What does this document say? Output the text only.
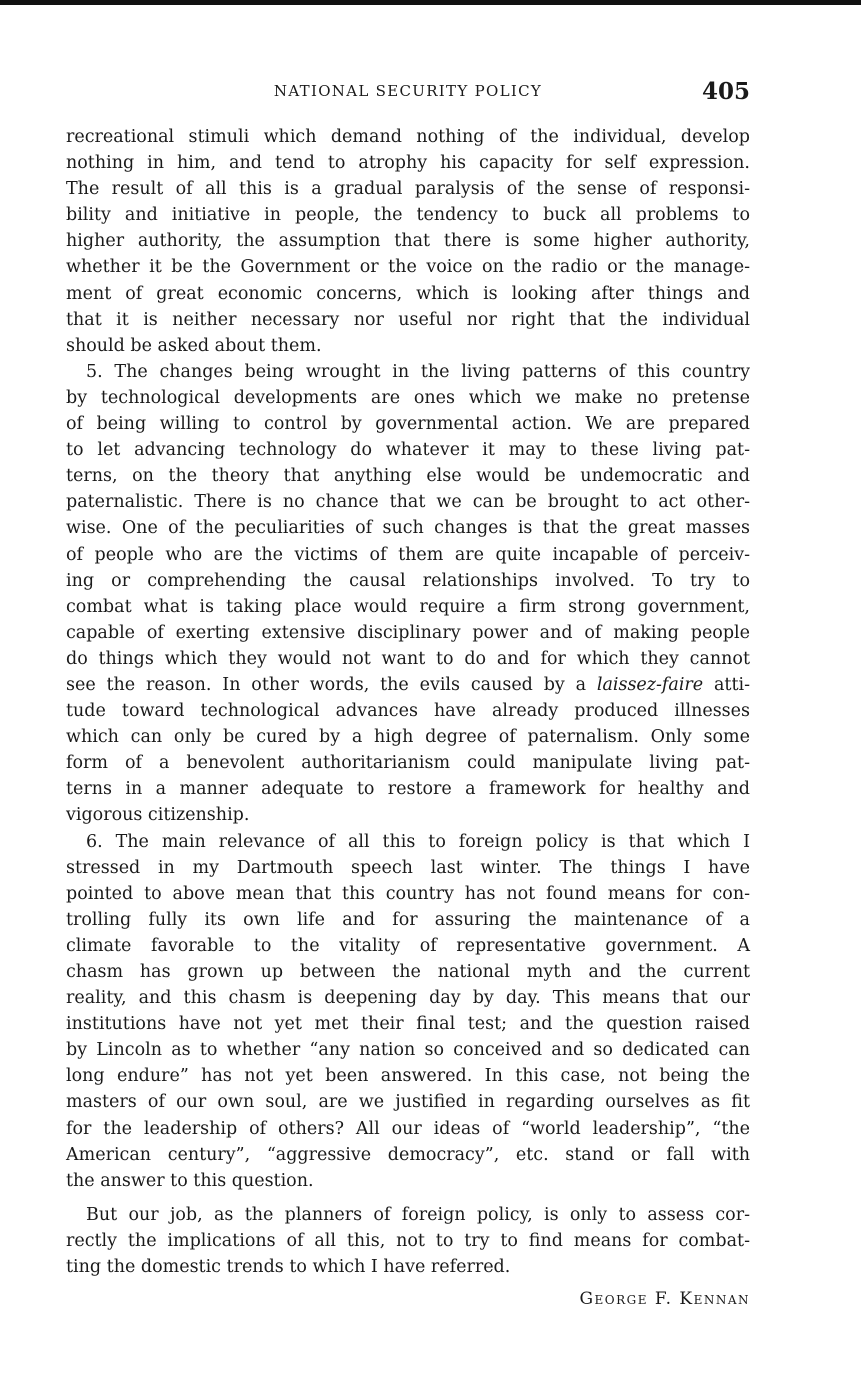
NATIONAL SECURITY POLICY	405
recreational stimuli which demand nothing of the individual, develop
nothing in him, and tend to atrophy his capacity for self expression.
The result of all this is a gradual paralysis of the sense of responsi-
bility and initiative in people, the tendency to buck all problems to
higher authority, the assumption that there is some higher authority,
whether it be the Government or the voice on the radio or the manage-
ment of great economic concerns, which is looking after things and
that it is neither necessary nor useful nor right that the individual
should be asked about them.
5. The changes being wrought in the living patterns of this country
by technological developments are ones which we make no pretense
of being willing to control by governmental action. We are prepared
to let advancing technology do whatever it may to these living pat-
terns, on the theory that anything else would be undemocratic and
paternalistic. There is no chance that we can be brought to act other-
wise. One of the peculiarities of such changes is that the great masses
of people who are the victims of them are quite incapable of perceiv-
ing or comprehending the causal relationships involved. To try to
combat what is taking place would require a firm strong government,
capable of exerting extensive disciplinary power and of making people
do things which they would not want to do and for which they cannot
see the reason. In other words, the evils caused by a laissez-faire atti-
tude toward technological advances have already produced illnesses
which can only be cured by a high degree of paternalism. Only some
form of a benevolent authoritarianism could manipulate living pat-
terns in a manner adequate to restore a framework for healthy and
vigorous citizenship.
6. The main relevance of all this to foreign policy is that which I
stressed in my Dartmouth speech last winter. The things I have
pointed to above mean that this country has not found means for con-
trolling fully its own life and for assuring the maintenance of a
climate favorable to the vitality of representative government. A
chasm has grown up between the national myth and the current
reality, and this chasm is deepening day by day. This means that our
institutions have not yet met their final test; and the question raised
by Lincoln as to whether “any nation so conceived and so dedicated can
long endure” has not yet been answered. In this case, not being the
masters of our own soul, are we justified in regarding ourselves as fit
for the leadership of others? All our ideas of “world leadership”, “the
American century”, “aggressive democracy”, etc. stand or fall with
the answer to this question.
But our job, as the planners of foreign policy, is only to assess cor-
rectly the implications of all this, not to try to find means for combat-
ting the domestic trends to which I have referred.
George F. Kennan
